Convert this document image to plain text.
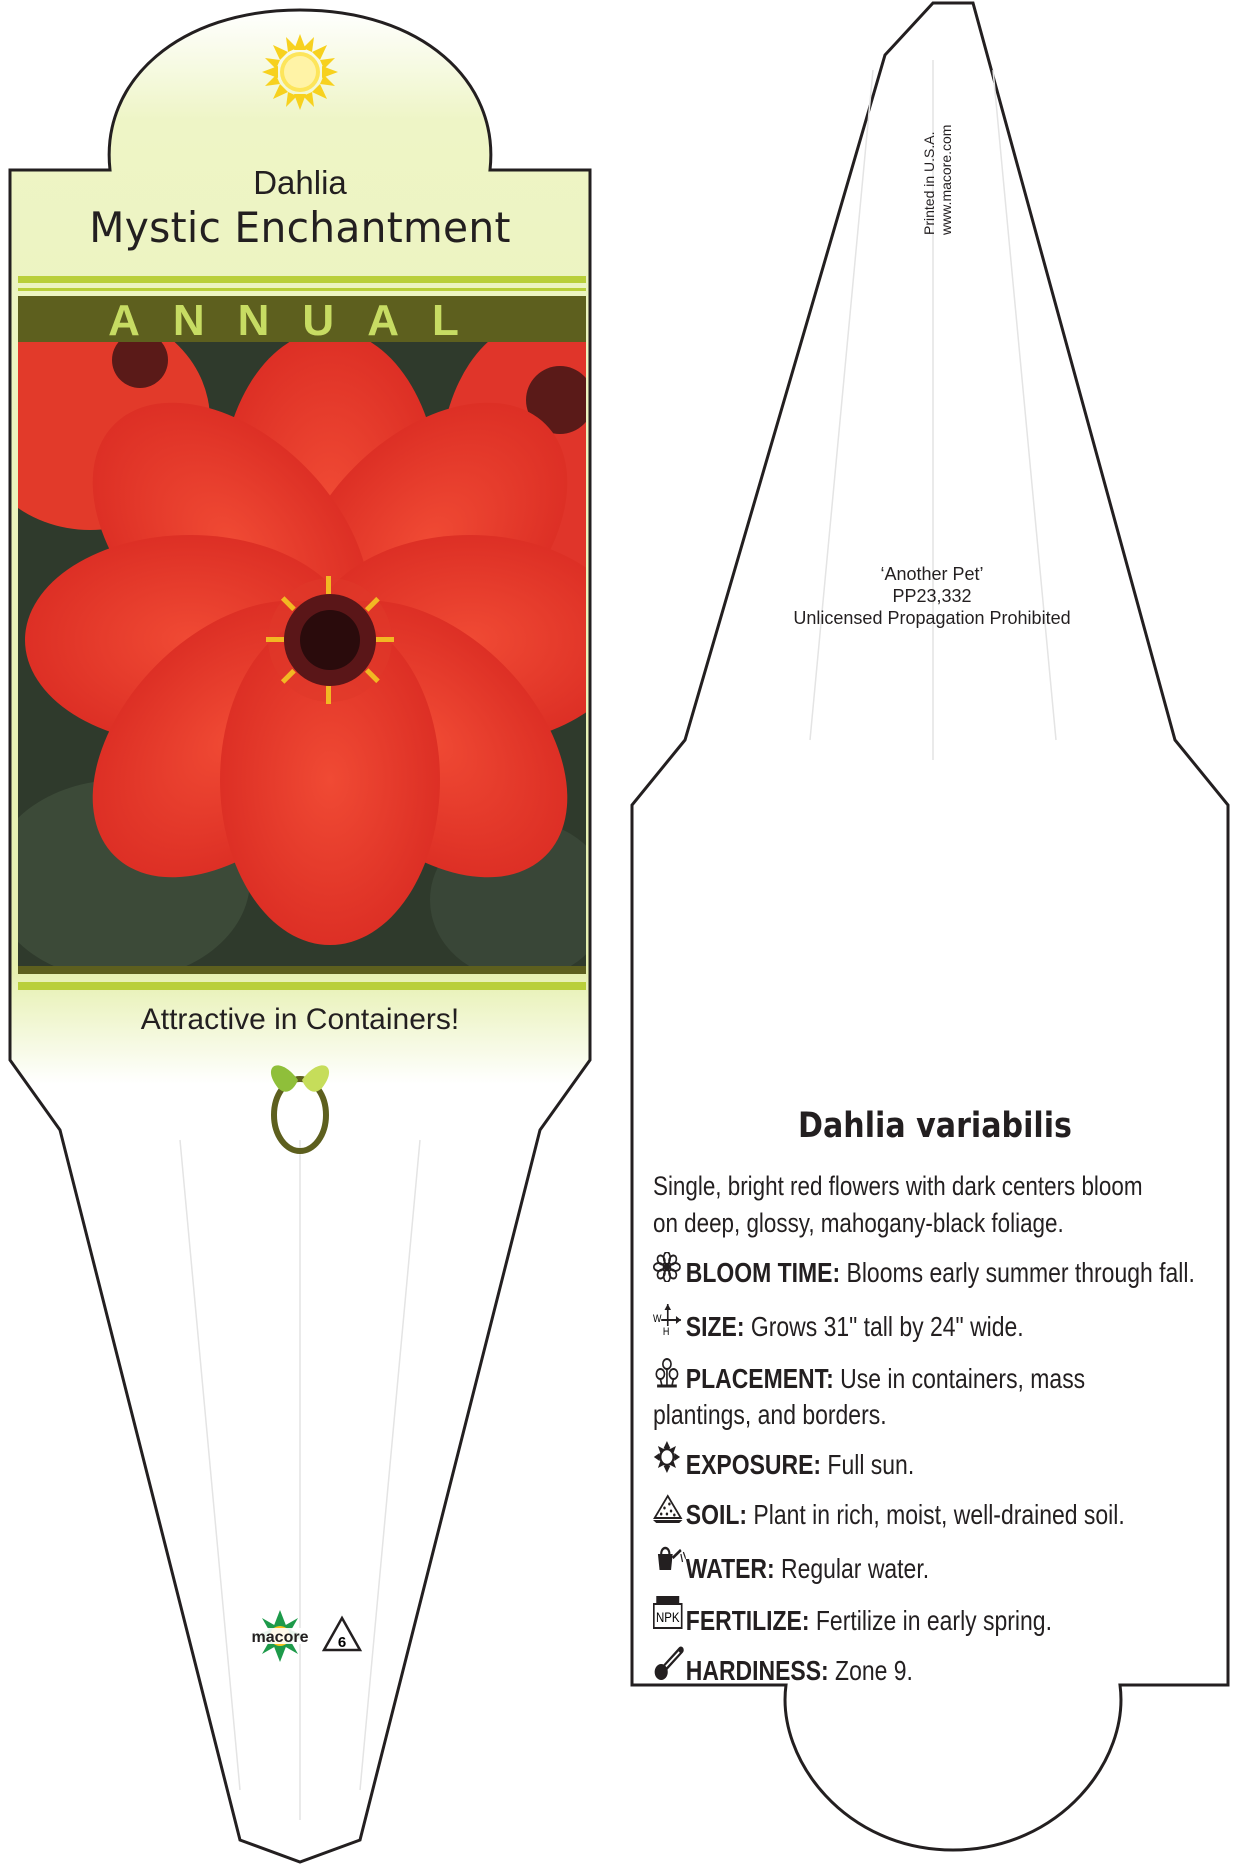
macore 6
Dahlia
Mystic Enchantment
ANNUAL
Attractive in Containers!
Printed in U.S.A. www.macore.com
‘Another Pet’
PP23,332
Unlicensed Propagation Prohibited
Dahlia variabilis
Single, bright red flowers with dark centers bloom on deep, glossy, mahogany-black foliage.
BLOOM TIME: Blooms early summer through fall.
W
H SIZE: Grows 31" tall by 24" wide.
PLACEMENT: Use in containers, mass plantings, and borders.
EXPOSURE: Full sun.
SOIL: Plant in rich, moist, well-drained soil.
WATER: Regular water.
NPK FERTILIZE: Fertilize in early spring.
HARDINESS: Zone 9.
